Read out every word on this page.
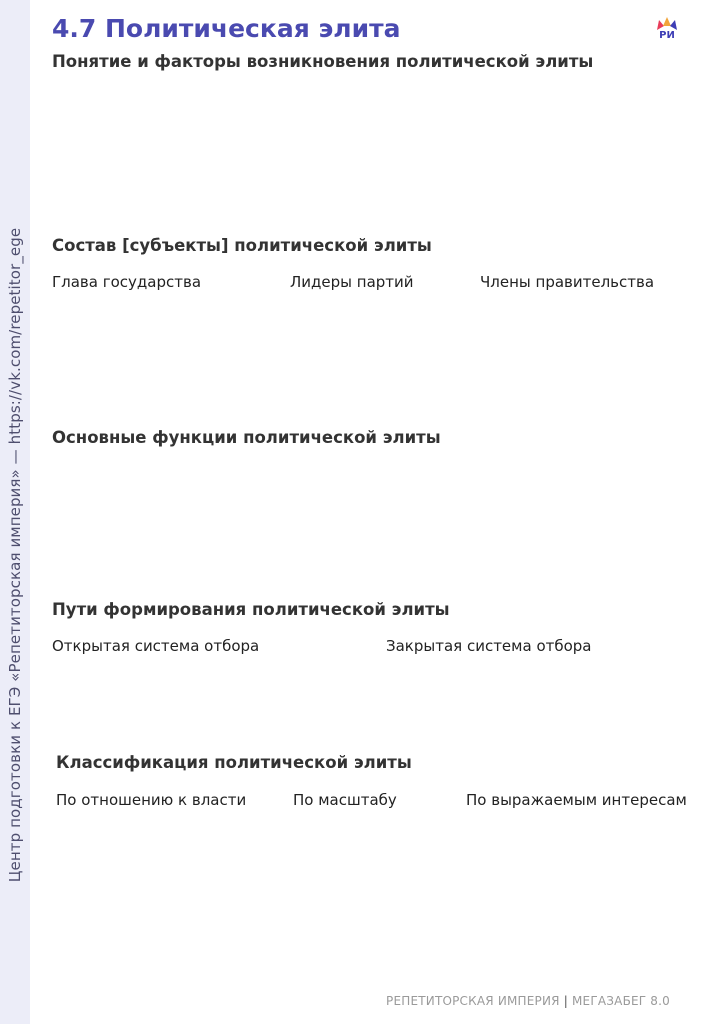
Центр подготовки к ЕГЭ «Репетиторская империя» — https://vk.com/repetitor_ege
4.7 Политическая элита	РИ
Понятие и факторы возникновения политической элиты
Состав [субъекты] политической элиты
Глава государства	Лидеры партий	Члены правительства
Основные функции политической элиты
Пути формирования политической элиты
Открытая система отбора	Закрытая система отбора
Классификация политической элиты
По отношению к власти	По масштабу	По выражаемым интересам
РЕПЕТИТОРСКАЯ ИМПЕРИЯ | МЕГАЗАБЕГ 8.0
